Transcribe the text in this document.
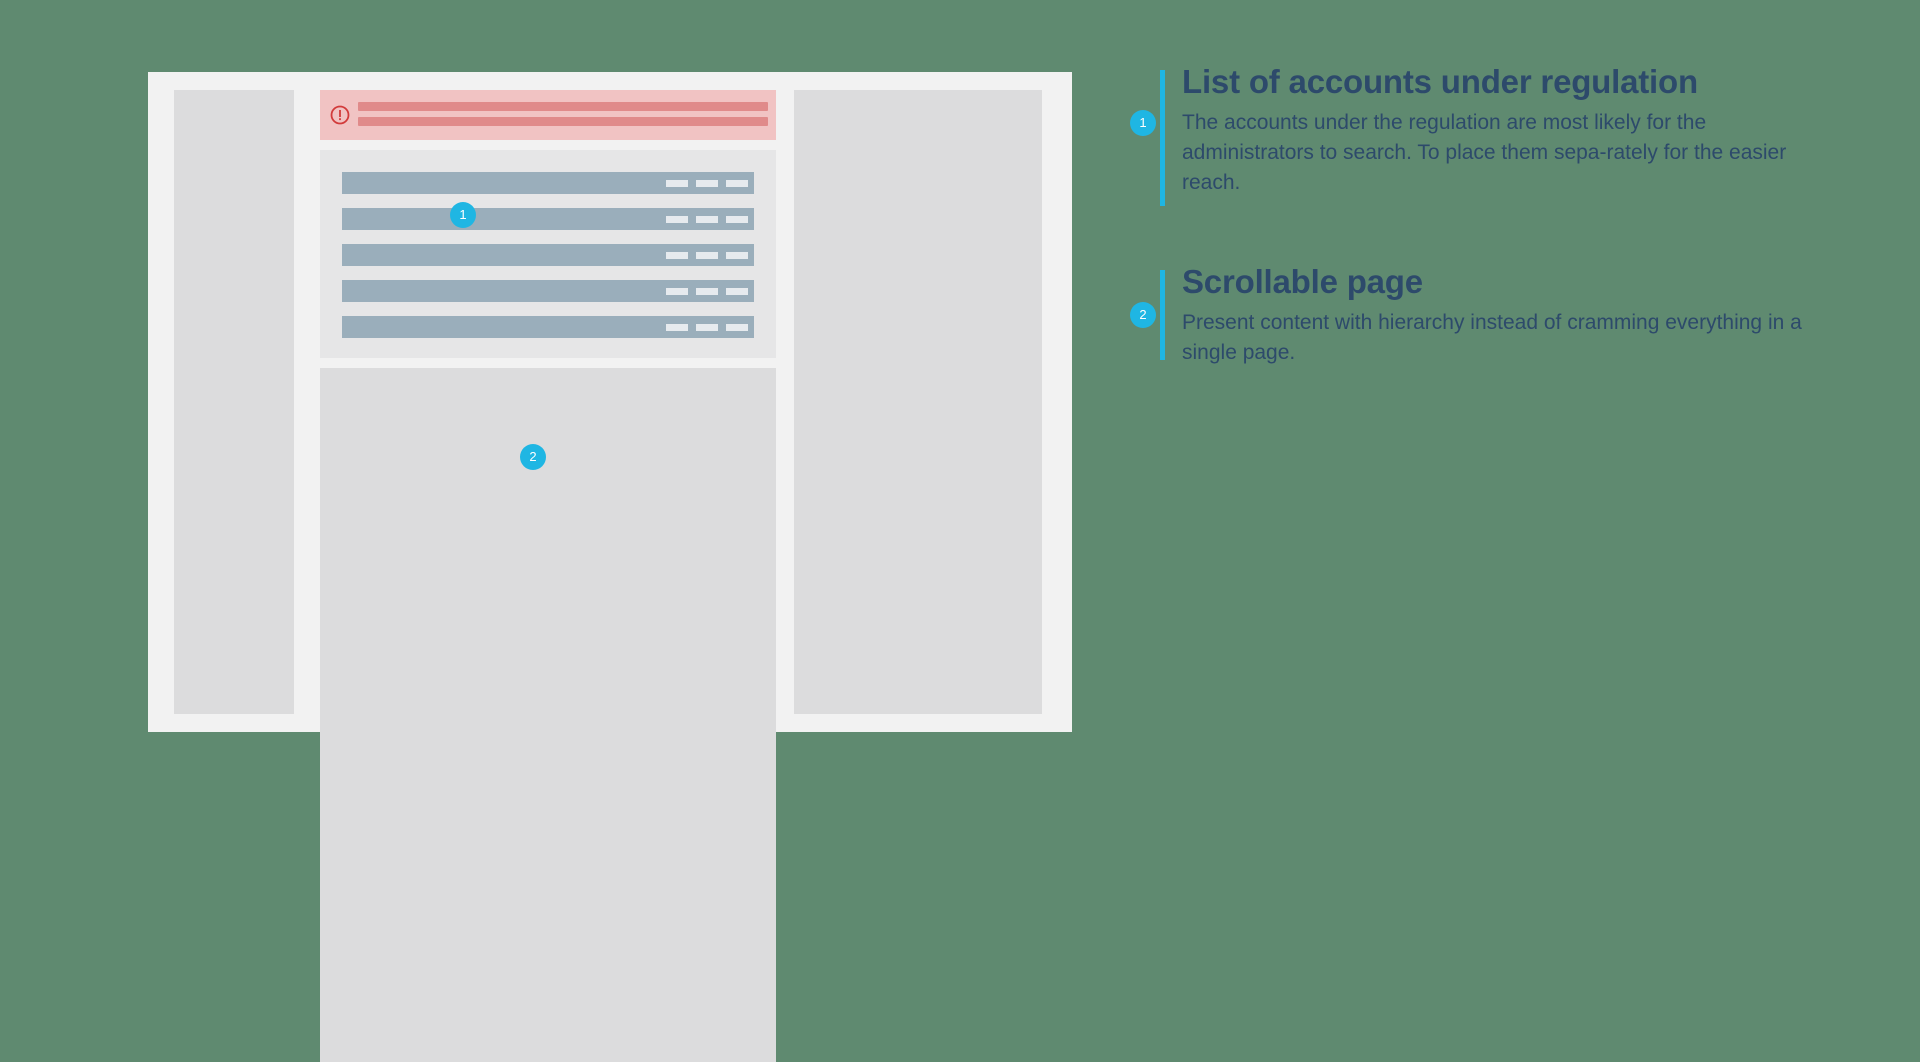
1
2
1
List of accounts under regulation

The accounts under the regulation are most likely for the administrators to search. To place them sepa-rately for the easier reach.

2
Scrollable page

Present content with hierarchy instead of cramming everything in a single page.
